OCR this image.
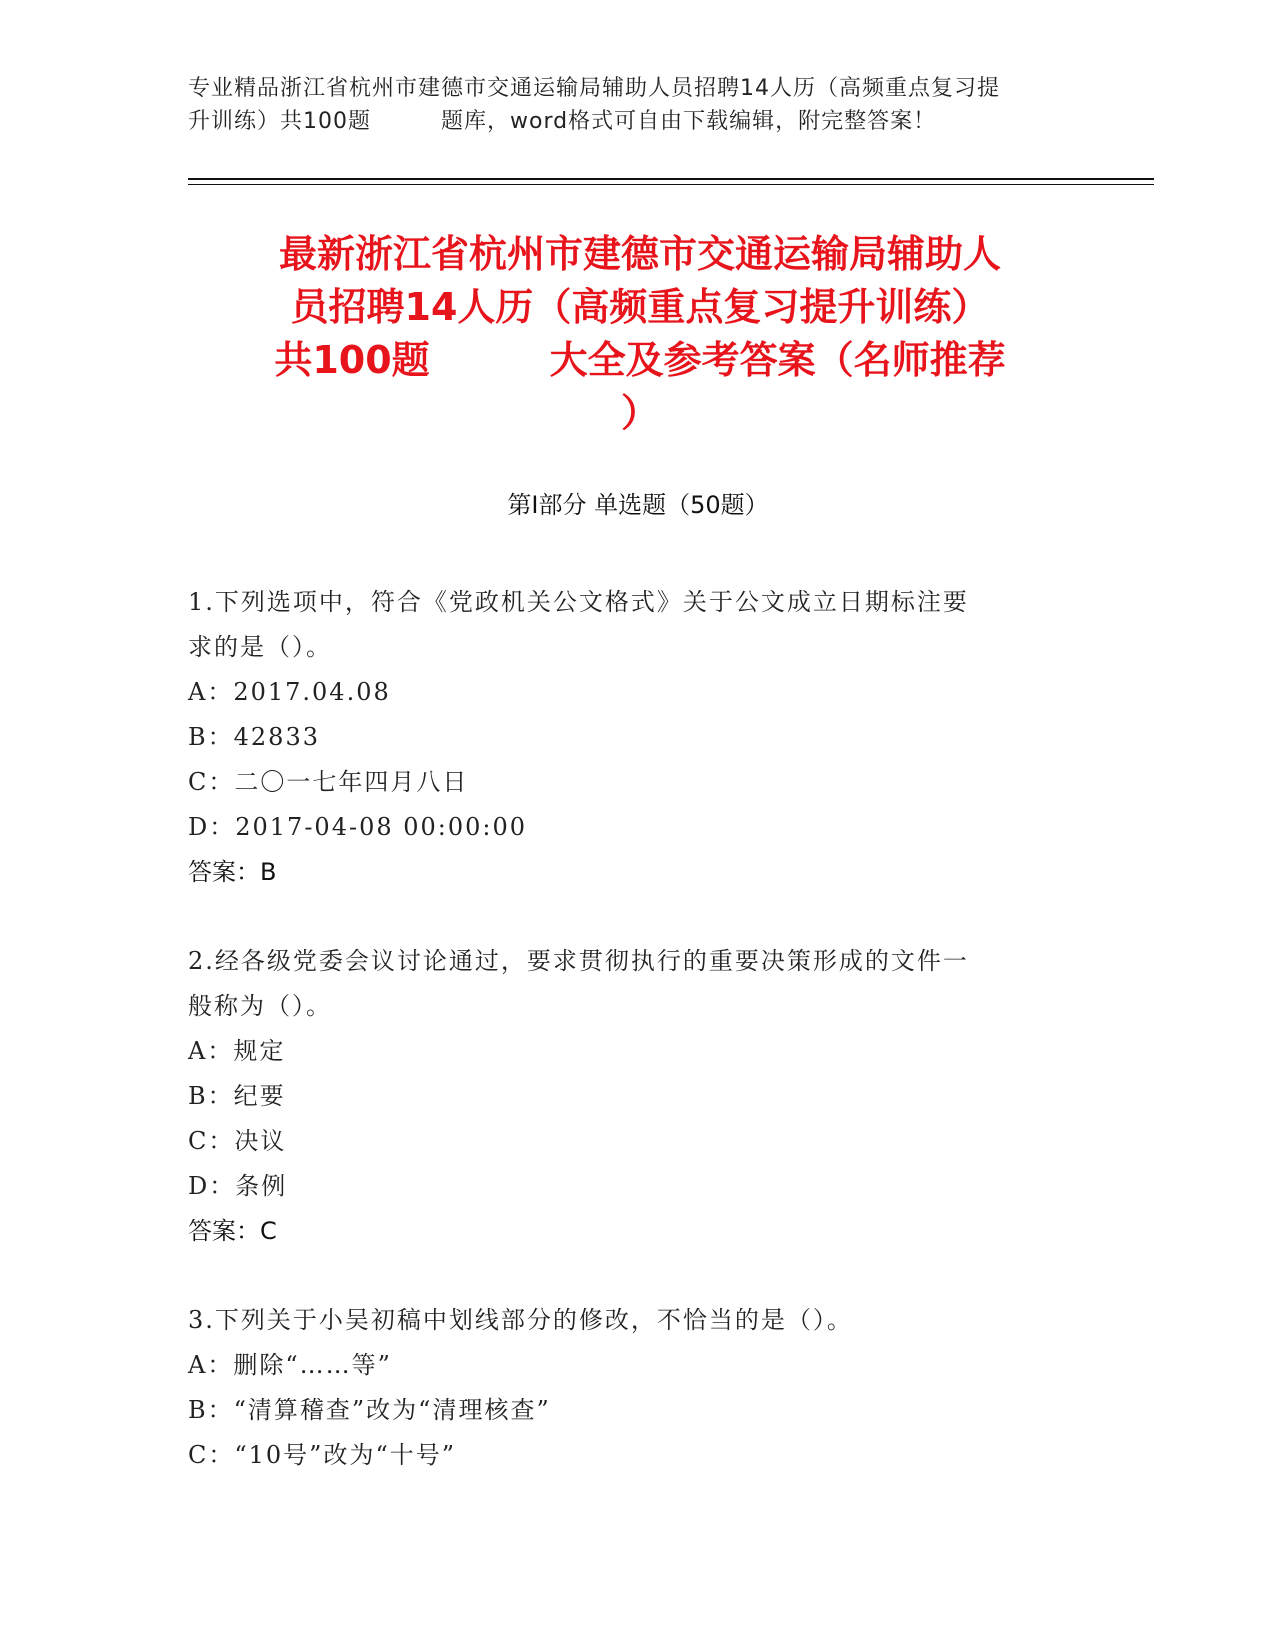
专业精品浙江省杭州市建德市交通运输局辅助人员招聘14人历（高频重点复习提
升训练）共100题	题库，word格式可自由下载编辑，附完整答案！
最新浙江省杭州市建德市交通运输局辅助人
员招聘14人历（高频重点复习提升训练）
共100题	大全及参考答案（名师推荐
）
第Ⅰ部分 单选题（50题）
1.下列选项中，符合《党政机关公文格式》关于公文成立日期标注要
求的是（）。
A：2017.04.08
B：42833
C：二〇一七年四月八日
D：2017-04-08 00:00:00
答案：B
2.经各级党委会议讨论通过，要求贯彻执行的重要决策形成的文件一
般称为（）。
A：规定
B：纪要
C：决议
D：条例
答案：C
3.下列关于小吴初稿中划线部分的修改，不恰当的是（）。
A：删除“……等”
B：“清算稽查”改为“清理核查”
C：“10号”改为“十号”
